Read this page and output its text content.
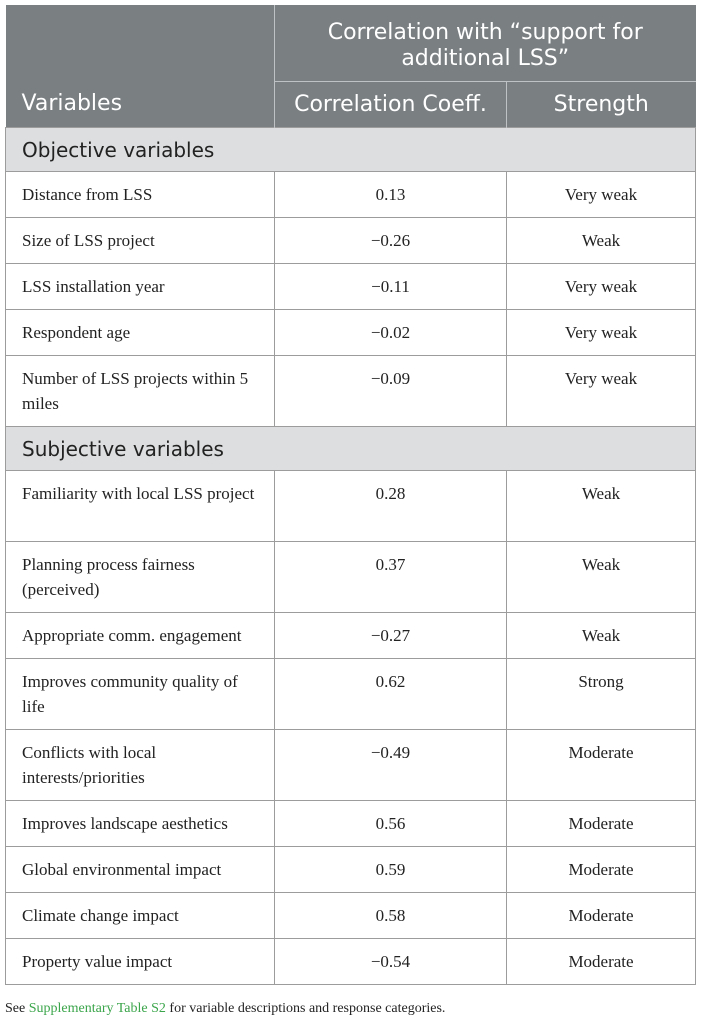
Variables	Correlation with “support for additional LSS”	
	Correlation Coeff.	Strength
Objective variables		
Distance from LSS	0.13	Very weak
Size of LSS project	−0.26	Weak
LSS installation year	−0.11	Very weak
Respondent age	−0.02	Very weak
Number of LSS projects within 5 miles	−0.09	Very weak
Subjective variables		
Familiarity with local LSS project	0.28	Weak
Planning process fairness (perceived)	0.37	Weak
Appropriate comm. engagement	−0.27	Weak
Improves community quality of life	0.62	Strong
Conflicts with local interests/priorities	−0.49	Moderate
Improves landscape aesthetics	0.56	Moderate
Global environmental impact	0.59	Moderate
Climate change impact	0.58	Moderate
Property value impact	−0.54	Moderate
See Supplementary Table S2 for variable descriptions and response categories.
